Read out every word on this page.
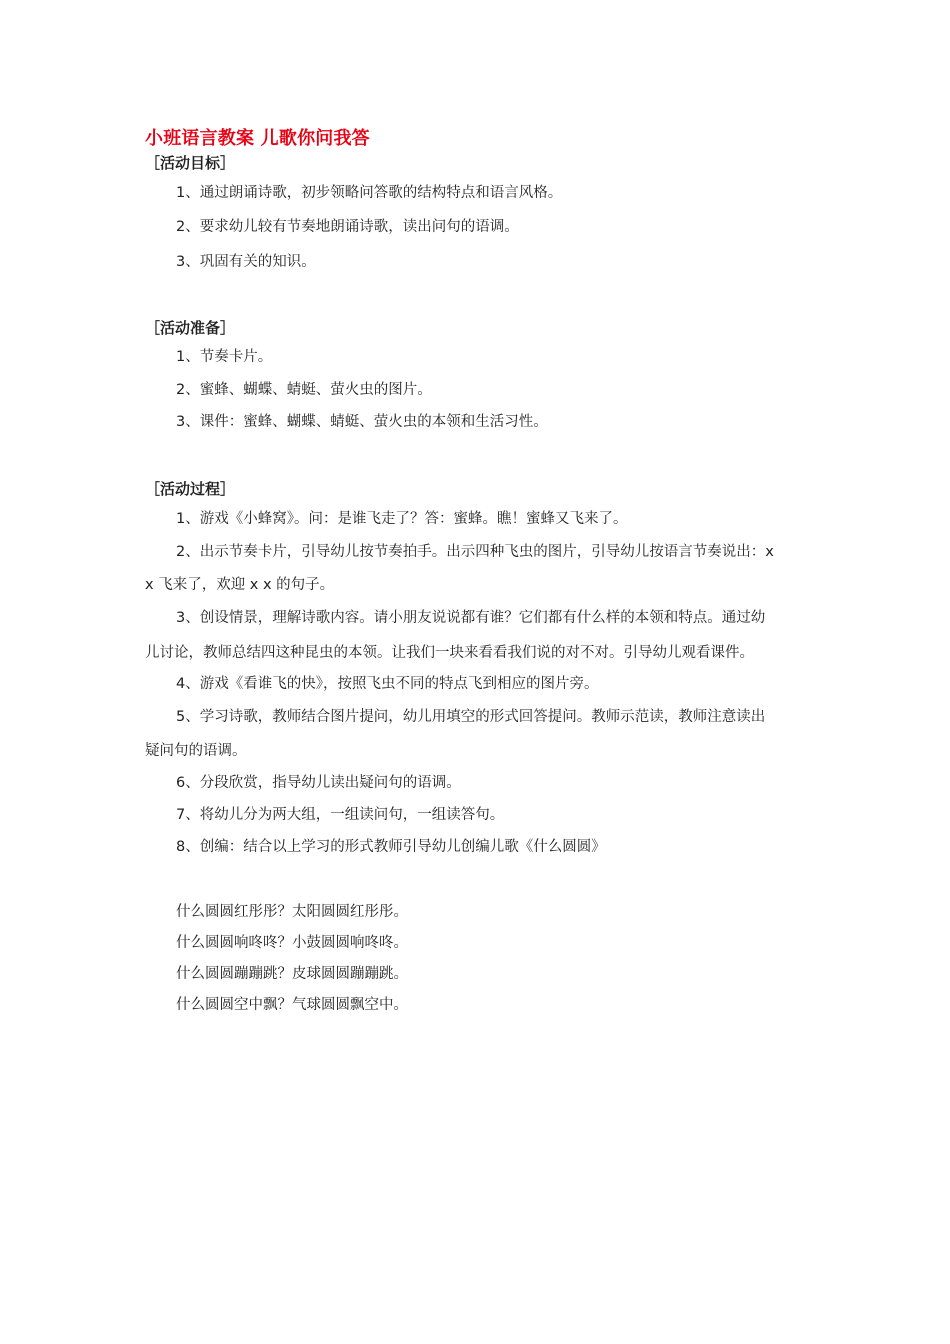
小班语言教案 儿歌你问我答
［活动目标］
1、通过朗诵诗歌，初步领略问答歌的结构特点和语言风格。
2、要求幼儿较有节奏地朗诵诗歌，读出问句的语调。
3、巩固有关的知识。
［活动准备］
1、节奏卡片。
2、蜜蜂、蝴蝶、蜻蜓、萤火虫的图片。
3、课件：蜜蜂、蝴蝶、蜻蜓、萤火虫的本领和生活习性。
［活动过程］
1、游戏《小蜂窝》。问：是谁飞走了？答：蜜蜂。瞧！蜜蜂又飞来了。
2、出示节奏卡片，引导幼儿按节奏拍手。出示四种飞虫的图片，引导幼儿按语言节奏说出：x
x 飞来了，欢迎 x x 的句子。
3、创设情景，理解诗歌内容。请小朋友说说都有谁？它们都有什么样的本领和特点。通过幼
儿讨论，教师总结四这种昆虫的本领。让我们一块来看看我们说的对不对。引导幼儿观看课件。
4、游戏《看谁飞的快》，按照飞虫不同的特点飞到相应的图片旁。
5、学习诗歌，教师结合图片提问，幼儿用填空的形式回答提问。教师示范读，教师注意读出
疑问句的语调。
6、分段欣赏，指导幼儿读出疑问句的语调。
7、将幼儿分为两大组，一组读问句，一组读答句。
8、创编：结合以上学习的形式教师引导幼儿创编儿歌《什么圆圆》
什么圆圆红彤彤？太阳圆圆红彤彤。
什么圆圆响咚咚？小鼓圆圆响咚咚。
什么圆圆蹦蹦跳？皮球圆圆蹦蹦跳。
什么圆圆空中飘？气球圆圆飘空中。
